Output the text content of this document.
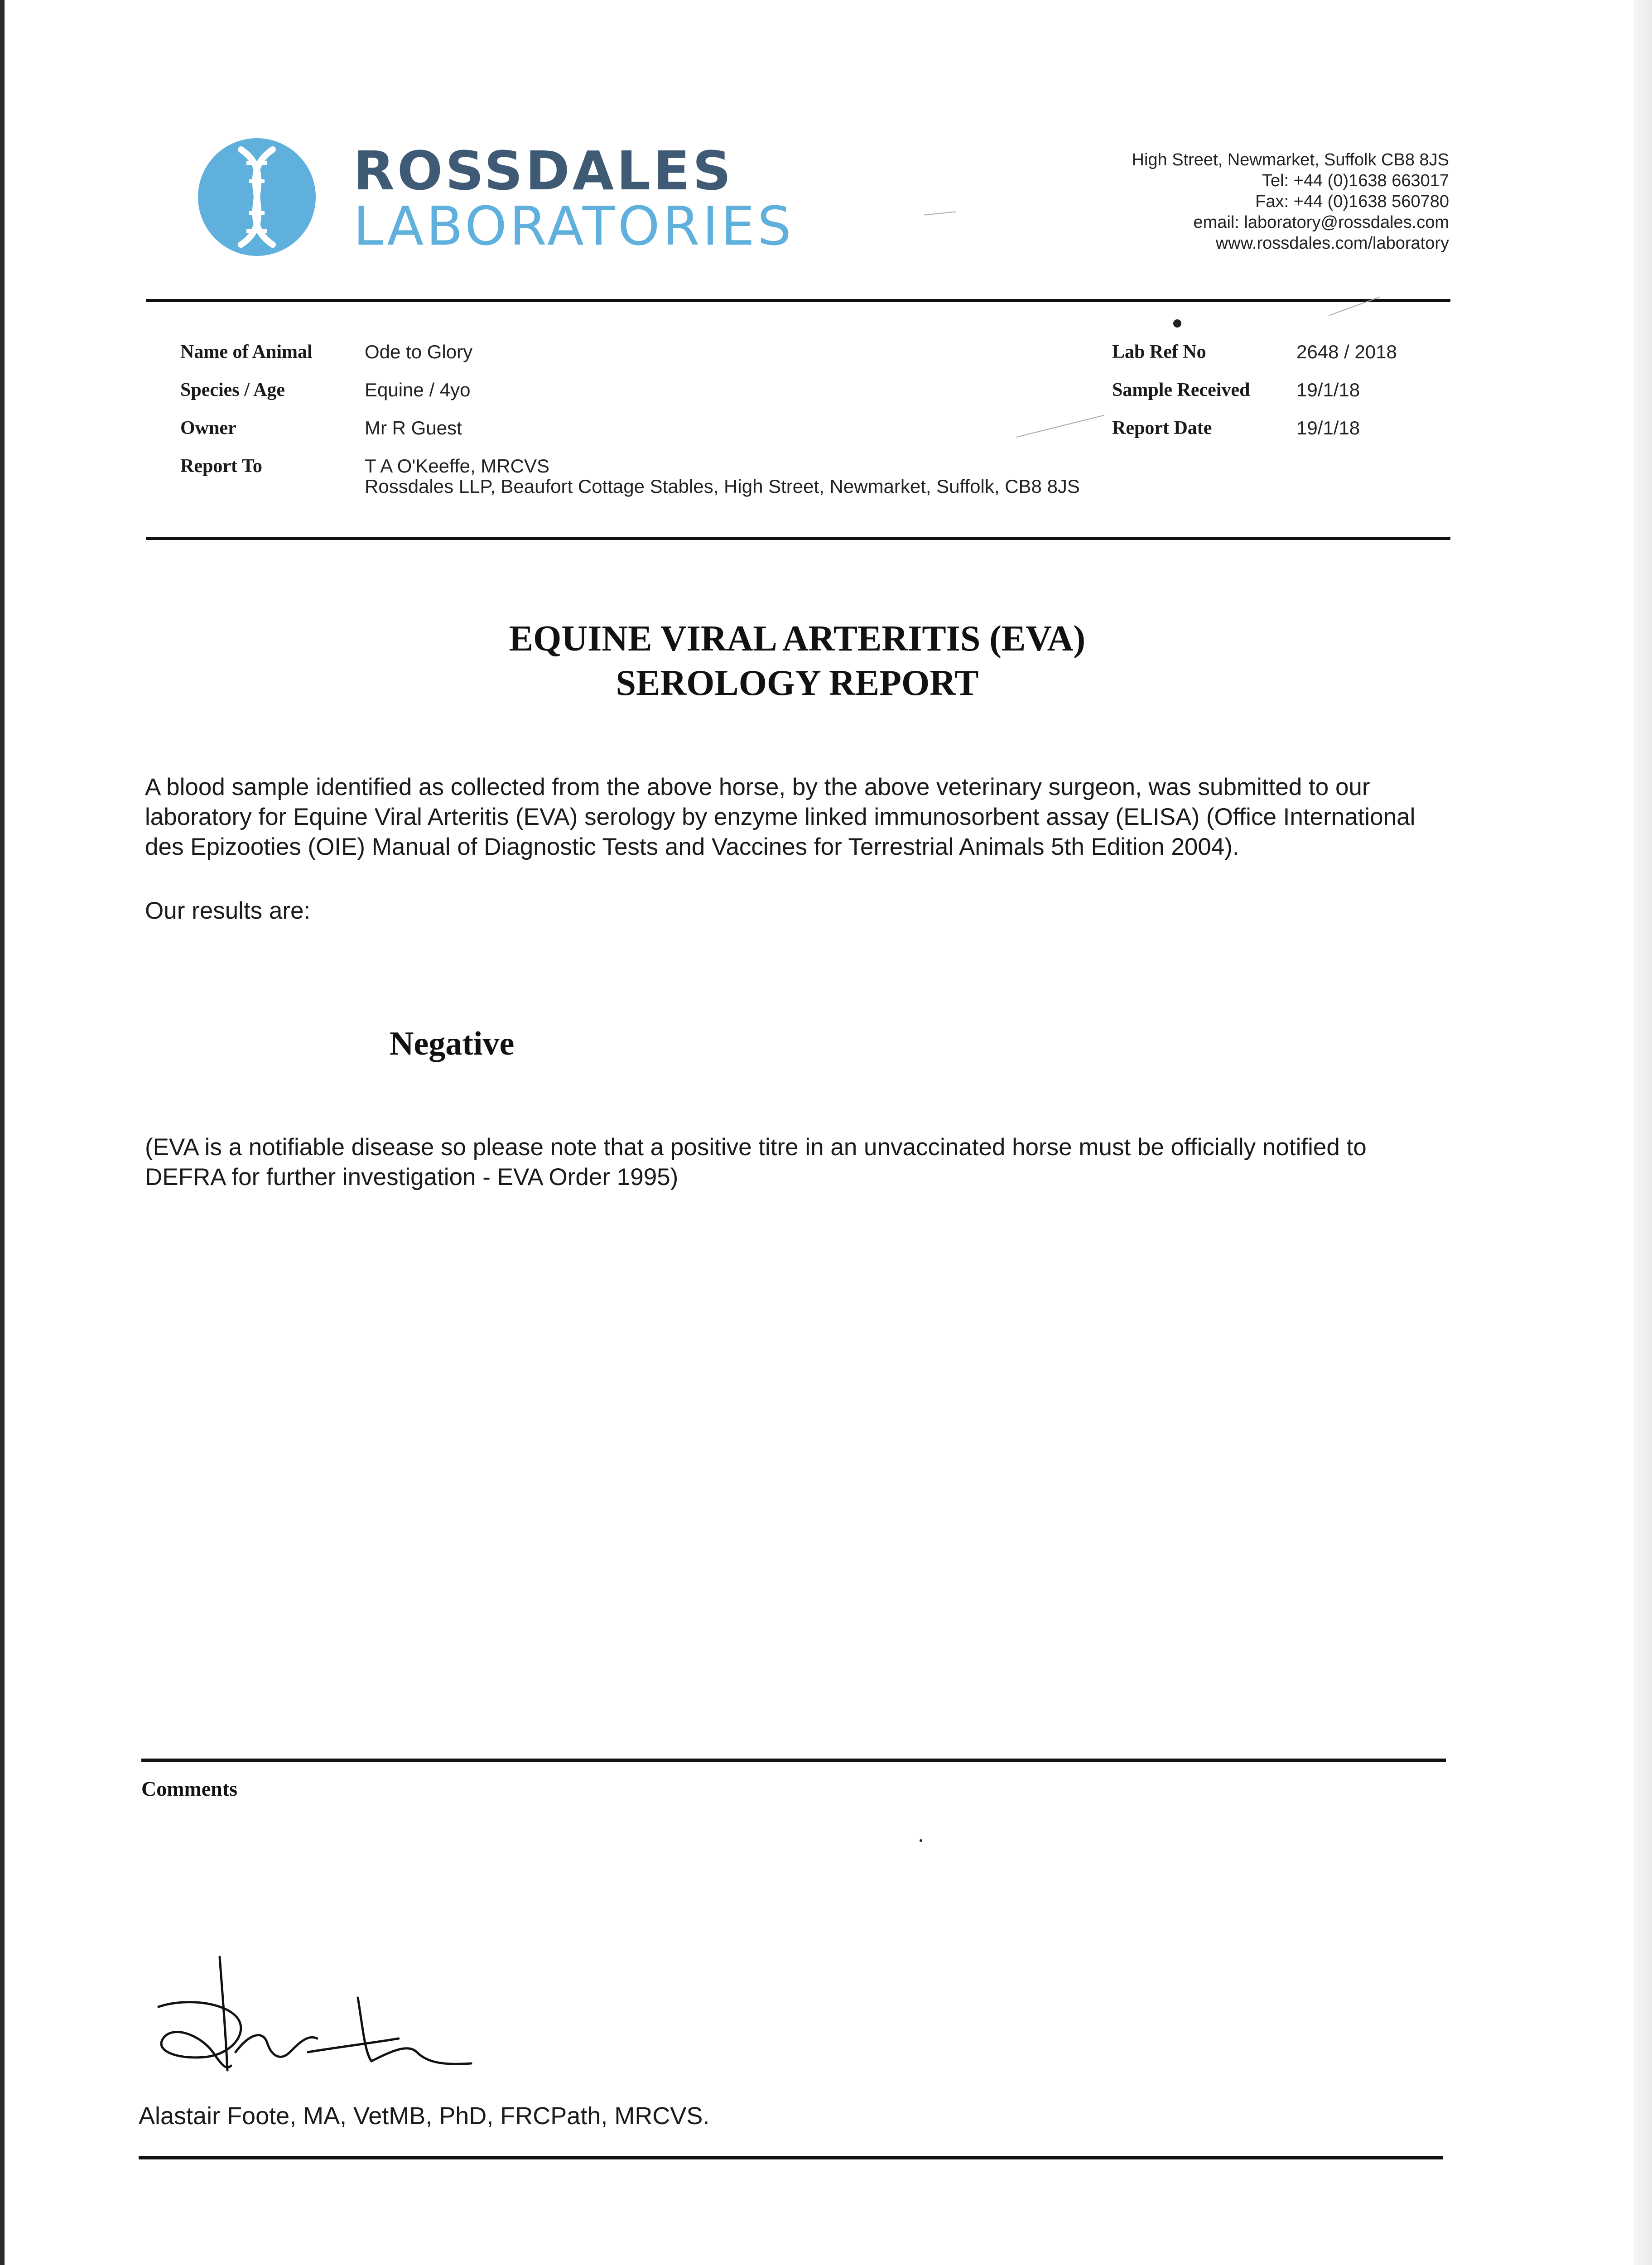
ROSSDALES
LABORATORIES
High Street, Newmarket, Suffolk CB8 8JS
Tel: +44 (0)1638 663017
Fax: +44 (0)1638 560780
email: laboratory@rossdales.com
www.rossdales.com/laboratory
Name of Animal
Species / Age
Owner
Report To
Ode to Glory
Equine / 4yo
Mr R Guest
T A O'Keeffe, MRCVS
Rossdales LLP, Beaufort Cottage Stables, High Street, Newmarket, Suffolk, CB8 8JS
Lab Ref No
Sample Received
Report Date
2648 / 2018
19/1/18
19/1/18
EQUINE VIRAL ARTERITIS (EVA)
SEROLOGY REPORT
A blood sample identified as collected from the above horse, by the above veterinary surgeon, was submitted to our laboratory for Equine Viral Arteritis (EVA) serology by enzyme linked immunosorbent assay (ELISA) (Office International des Epizooties (OIE) Manual of Diagnostic Tests and Vaccines for Terrestrial Animals 5th Edition 2004).
Our results are:
Negative
(EVA is a notifiable disease so please note that a positive titre in an unvaccinated horse must be officially notified to DEFRA for further investigation - EVA Order 1995)
Comments
Alastair Foote, MA, VetMB, PhD, FRCPath, MRCVS.
